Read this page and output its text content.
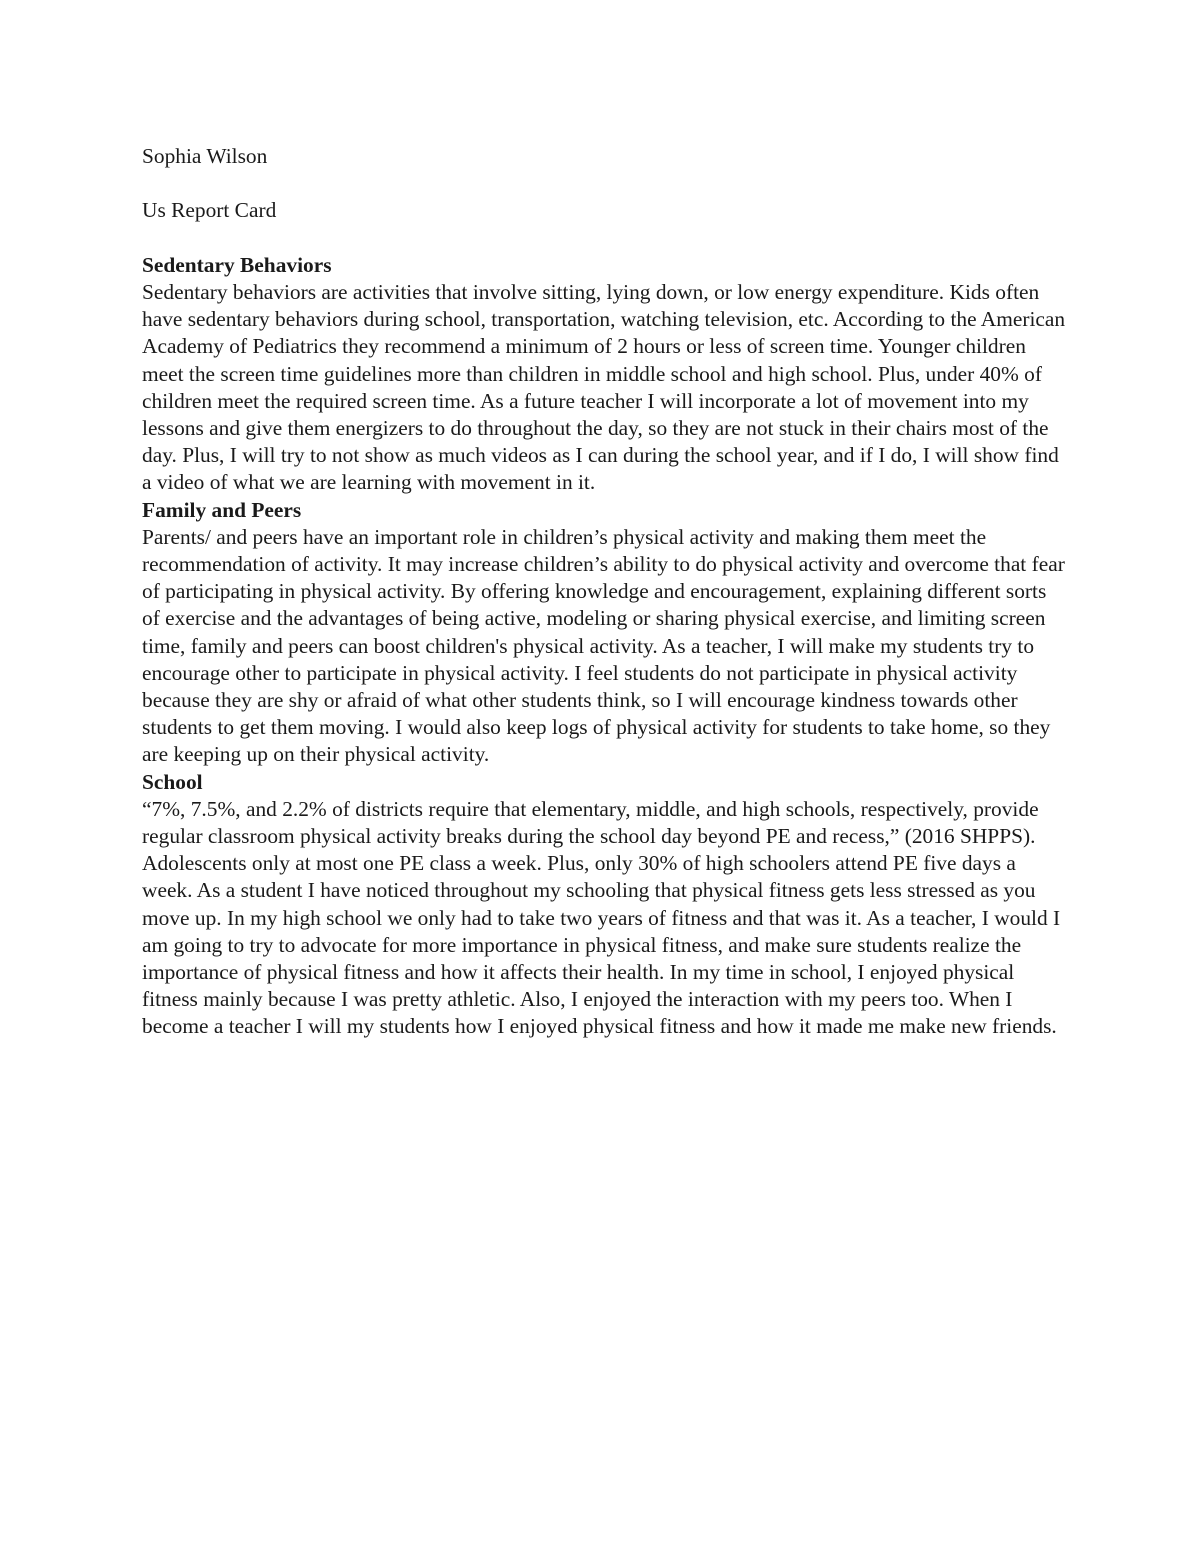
Sophia Wilson

Us Report Card

Sedentary Behaviors

Sedentary behaviors are activities that involve sitting, lying down, or low energy expenditure. Kids often have sedentary behaviors during school, transportation, watching television, etc. According to the American Academy of Pediatrics they recommend a minimum of 2 hours or less of screen time. Younger children meet the screen time guidelines more than children in middle school and high school. Plus, under 40% of children meet the required screen time. As a future teacher I will incorporate a lot of movement into my lessons and give them energizers to do throughout the day, so they are not stuck in their chairs most of the day. Plus, I will try to not show as much videos as I can during the school year, and if I do, I will show find a video of what we are learning with movement in it.

Family and Peers

Parents/ and peers have an important role in children’s physical activity and making them meet the recommendation of activity. It may increase children’s ability to do physical activity and overcome that fear of participating in physical activity. By offering knowledge and encouragement, explaining different sorts of exercise and the advantages of being active, modeling or sharing physical exercise, and limiting screen time, family and peers can boost children's physical activity. As a teacher, I will make my students try to encourage other to participate in physical activity. I feel students do not participate in physical activity because they are shy or afraid of what other students think, so I will encourage kindness towards other students to get them moving. I would also keep logs of physical activity for students to take home, so they are keeping up on their physical activity.

School

“7%, 7.5%, and 2.2% of districts require that elementary, middle, and high schools, respectively, provide regular classroom physical activity breaks during the school day beyond PE and recess,” (2016 SHPPS). Adolescents only at most one PE class a week. Plus, only 30% of high schoolers attend PE five days a week. As a student I have noticed throughout my schooling that physical fitness gets less stressed as you move up. In my high school we only had to take two years of fitness and that was it. As a teacher, I would I am going to try to advocate for more importance in physical fitness, and make sure students realize the importance of physical fitness and how it affects their health. In my time in school, I enjoyed physical fitness mainly because I was pretty athletic. Also, I enjoyed the interaction with my peers too. When I become a teacher I will my students how I enjoyed physical fitness and how it made me make new friends.
